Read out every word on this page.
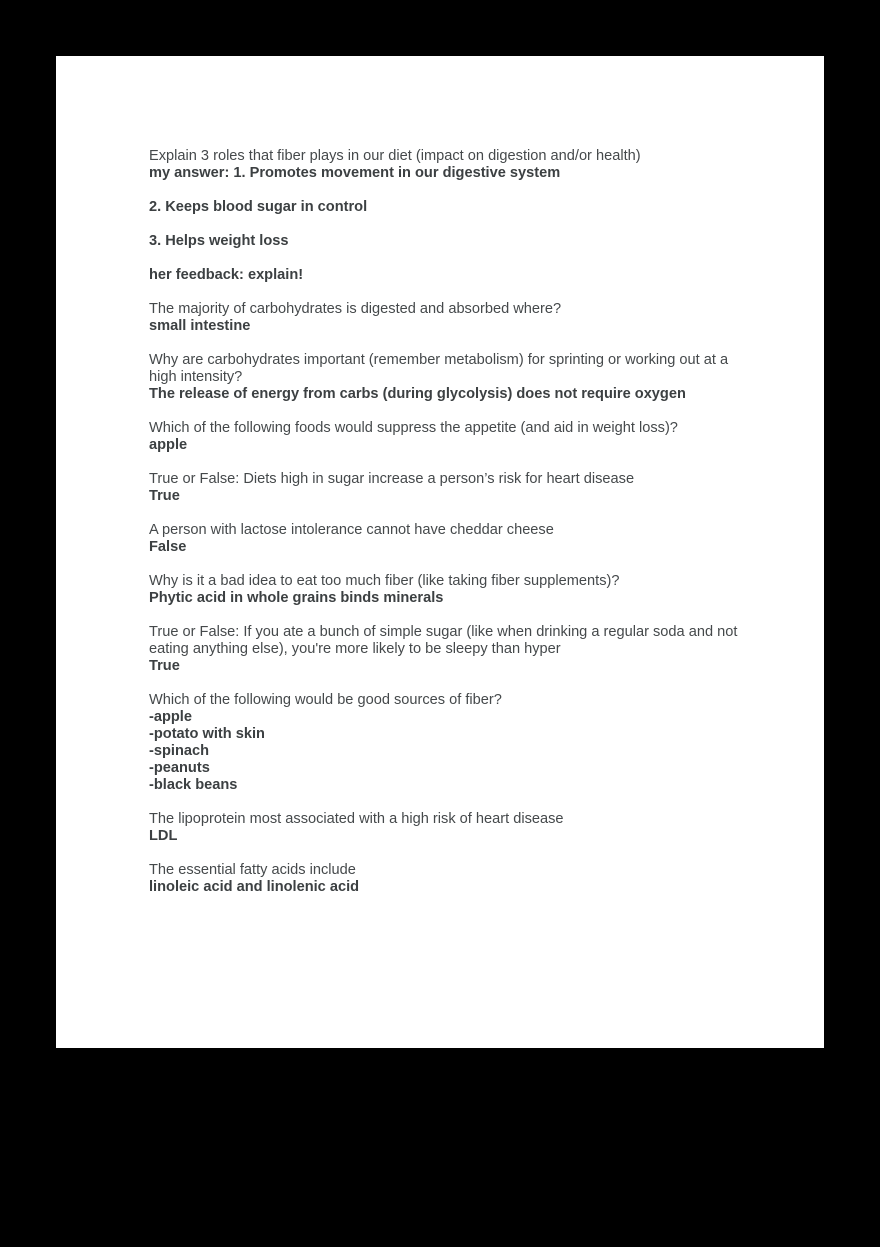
Explain 3 roles that fiber plays in our diet (impact on digestion and/or health)
my answer: 1. Promotes movement in our digestive system
2. Keeps blood sugar in control
3. Helps weight loss
her feedback: explain!
The majority of carbohydrates is digested and absorbed where?
small intestine
Why are carbohydrates important (remember metabolism) for sprinting or working out at a high intensity?
The release of energy from carbs (during glycolysis) does not require oxygen
Which of the following foods would suppress the appetite (and aid in weight loss)?
apple
True or False: Diets high in sugar increase a person’s risk for heart disease
True
A person with lactose intolerance cannot have cheddar cheese
False
Why is it a bad idea to eat too much fiber (like taking fiber supplements)?
Phytic acid in whole grains binds minerals
True or False: If you ate a bunch of simple sugar (like when drinking a regular soda and not eating anything else), you're more likely to be sleepy than hyper
True
Which of the following would be good sources of fiber?
-apple
-potato with skin
-spinach
-peanuts
-black beans
The lipoprotein most associated with a high risk of heart disease
LDL
The essential fatty acids include
linoleic acid and linolenic acid
